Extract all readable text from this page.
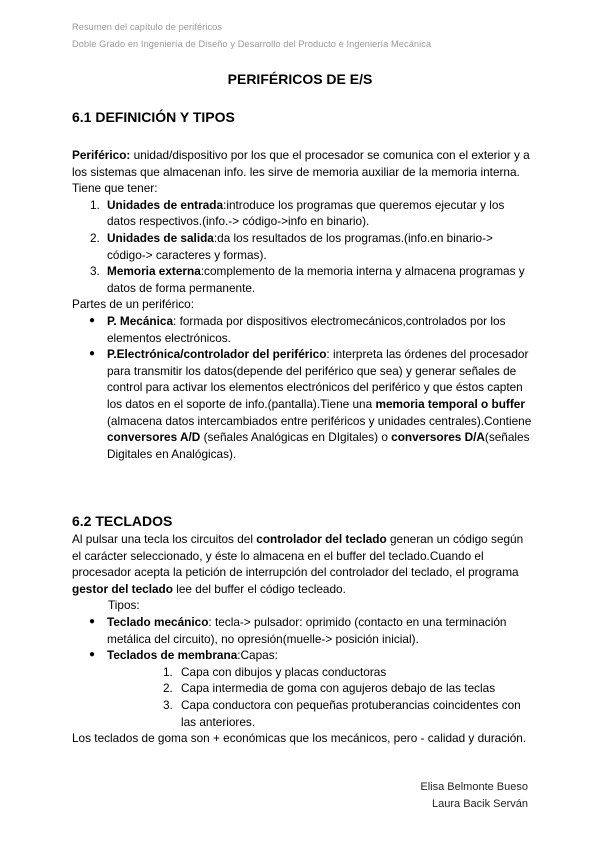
Resumen del capítulo de periféricos
Doble Grado en Ingeniería de Diseño y Desarrollo del Producto e Ingeniería Mecánica
PERIFÉRICOS DE E/S
6.1 DEFINICIÓN Y TIPOS

Periférico: unidad/dispositivo por los que el procesador se comunica con el exterior y a los sistemas que almacenan info. les sirve de memoria auxiliar de la memoria interna.

Tiene que tener:

1. Unidades de entrada:introduce los programas que queremos ejecutar y los datos respectivos.(info.-> código->info en binario).
2. Unidades de salida:da los resultados de los programas.(info.en binario-> código-> caracteres y formas).
3. Memoria externa:complemento de la memoria interna y almacena programas y datos de forma permanente.

Partes de un periférico:

● P. Mecánica: formada por dispositivos electromecánicos,controlados por los elementos electrónicos.
● P.Electrónica/controlador del periférico: interpreta las órdenes del procesador para transmitir los datos(depende del periférico que sea) y generar señales de control para activar los elementos electrónicos del periférico y que éstos capten los datos en el soporte de info.(pantalla).Tiene una memoria temporal o buffer (almacena datos intercambiados entre periféricos y unidades centrales).Contiene conversores A/D (señales Analógicas en DIgitales) o conversores D/A(señales Digitales en Analógicas).
6.2 TECLADOS

Al pulsar una tecla los circuitos del controlador del teclado generan un código según el carácter seleccionado, y éste lo almacena en el buffer del teclado.Cuando el procesador acepta la petición de interrupción del controlador del teclado, el programa gestor del teclado lee del buffer el código tecleado.

Tipos:

● Teclado mecánico: tecla-> pulsador: oprimido (contacto en una terminación metálica del circuito), no opresión(muelle-> posición inicial).
● Teclados de membrana:Capas:
1. Capa con dibujos y placas conductoras
2. Capa intermedia de goma con agujeros debajo de las teclas
3. Capa conductora con pequeñas protuberancias coincidentes con las anteriores.

Los teclados de goma son + económicas que los mecánicos, pero - calidad y duración.

Elisa Belmonte Bueso
Laura Bacik Serván
